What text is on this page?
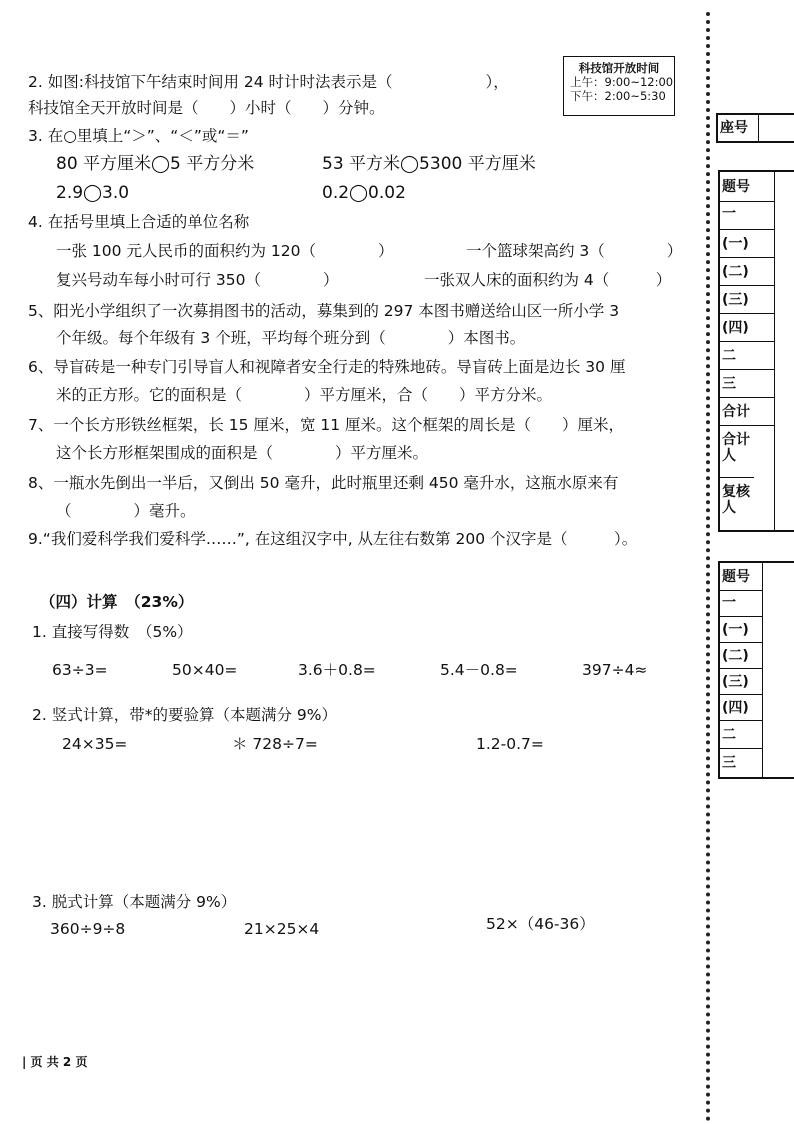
2. 如图:科技馆下午结束时间用 24 时计时法表示是（　　　　　　），
科技馆全天开放时间是（　　）小时（　　）分钟。
科技馆开放时间
上午：9:00~12:00
下午：2:00~5:30
3. 在○里填上“＞”、“＜”或“＝”
80 平方厘米◯5 平方分米	53 平方米◯5300 平方厘米
2.9◯3.0	0.2◯0.02
4. 在括号里填上合适的单位名称
一张 100 元人民币的面积约为 120（　　　　）	一个篮球架高约 3（　　　　）
复兴号动车每小时可行 350（　　　　）	一张双人床的面积约为 4（　　　）
5、阳光小学组织了一次募捐图书的活动，募集到的 297 本图书赠送给山区一所小学 3
个年级。每个年级有 3 个班，平均每个班分到（　　　　）本图书。
6、导盲砖是一种专门引导盲人和视障者安全行走的特殊地砖。导盲砖上面是边长 30 厘
米的正方形。它的面积是（　　　　）平方厘米，合（　　）平方分米。
7、一个长方形铁丝框架，长 15 厘米，宽 11 厘米。这个框架的周长是（　　）厘米，
这个长方形框架围成的面积是（　　　　）平方厘米。
8、一瓶水先倒出一半后，又倒出 50 毫升，此时瓶里还剩 450 毫升水，这瓶水原来有
（　　　　）毫升。
9.“我们爱科学我们爱科学……”, 在这组汉字中, 从左往右数第 200 个汉字是（　　　）。
（四）计算　（23%）
1. 直接写得数　（5%）
63÷3=	50×40=	3.6＋0.8=	5.4－0.8=	397÷4≈
2. 竖式计算，带*的要验算（本题满分 9%）
24×35=	＊ 728÷7=	1.2-0.7=
3. 脱式计算（本题满分 9%）
360÷9÷8	21×25×4	52×（46-36）
| 页 共 2 页
座号
题号
一
(一)
(二)
(三)
(四)
二
三
合计
合计人
复核人
题号
一
(一)
(二)
(三)
(四)
二
三
